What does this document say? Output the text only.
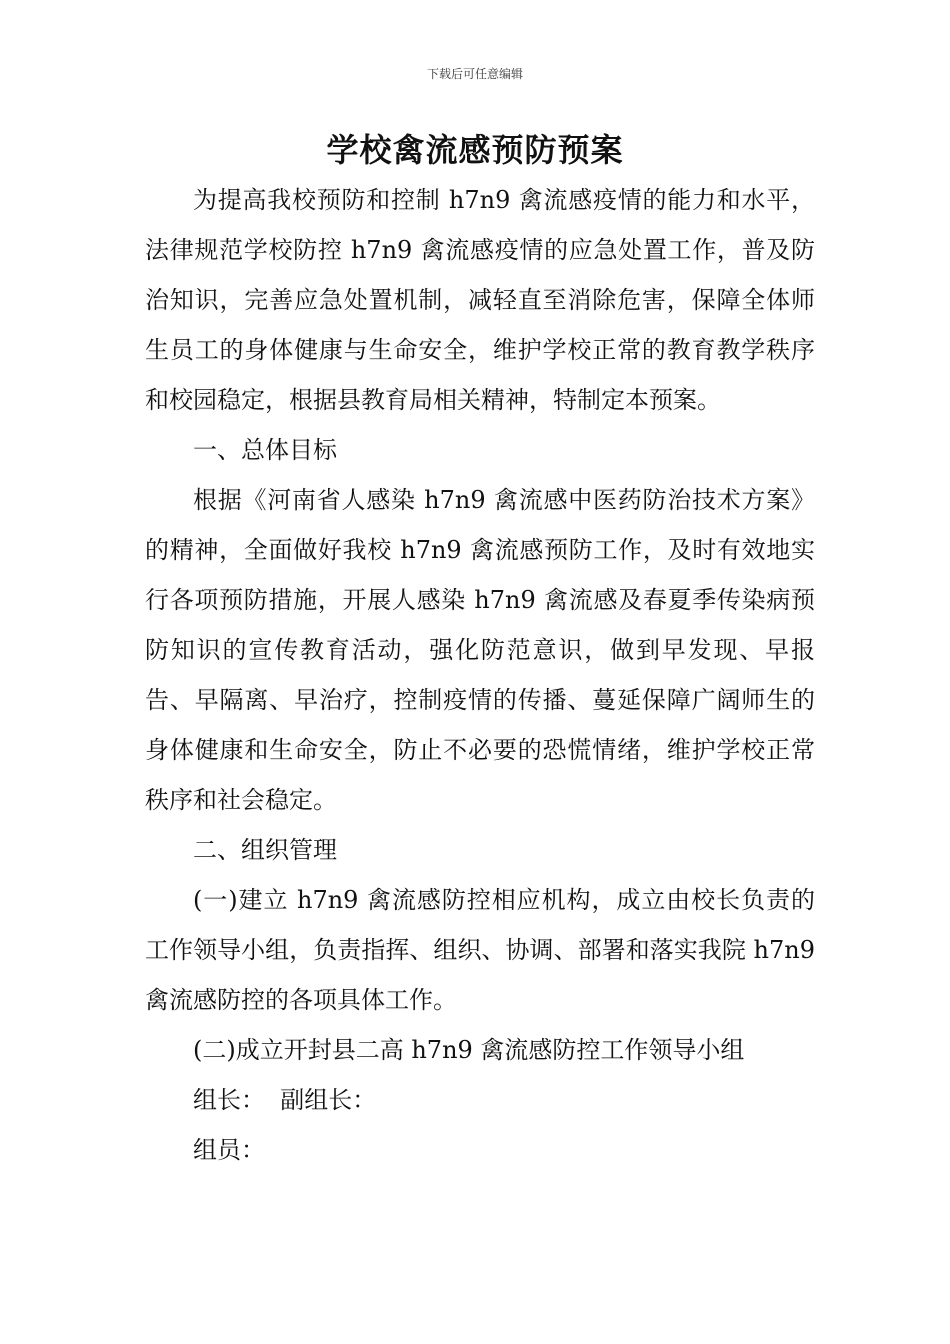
下载后可任意编辑
学校禽流感预防预案

为提高我校预防和控制 h7n9 禽流感疫情的能力和水平，法律规范学校防控 h7n9 禽流感疫情的应急处置工作，普及防治知识，完善应急处置机制，减轻直至消除危害，保障全体师生员工的身体健康与生命安全，维护学校正常的教育教学秩序和校园稳定，根据县教育局相关精神，特制定本预案。

一、总体目标

根据《河南省人感染 h7n9 禽流感中医药防治技术方案》的精神，全面做好我校 h7n9 禽流感预防工作，及时有效地实行各项预防措施，开展人感染 h7n9 禽流感及春夏季传染病预防知识的宣传教育活动，强化防范意识，做到早发现、早报告、早隔离、早治疗，控制疫情的传播、蔓延保障广阔师生的身体健康和生命安全，防止不必要的恐慌情绪，维护学校正常秩序和社会稳定。

二、组织管理

(一)建立 h7n9 禽流感防控相应机构，成立由校长负责的工作领导小组，负责指挥、组织、协调、部署和落实我院 h7n9 禽流感防控的各项具体工作。

(二)成立开封县二高 h7n9 禽流感防控工作领导小组

组长：  副组长：

组员：
